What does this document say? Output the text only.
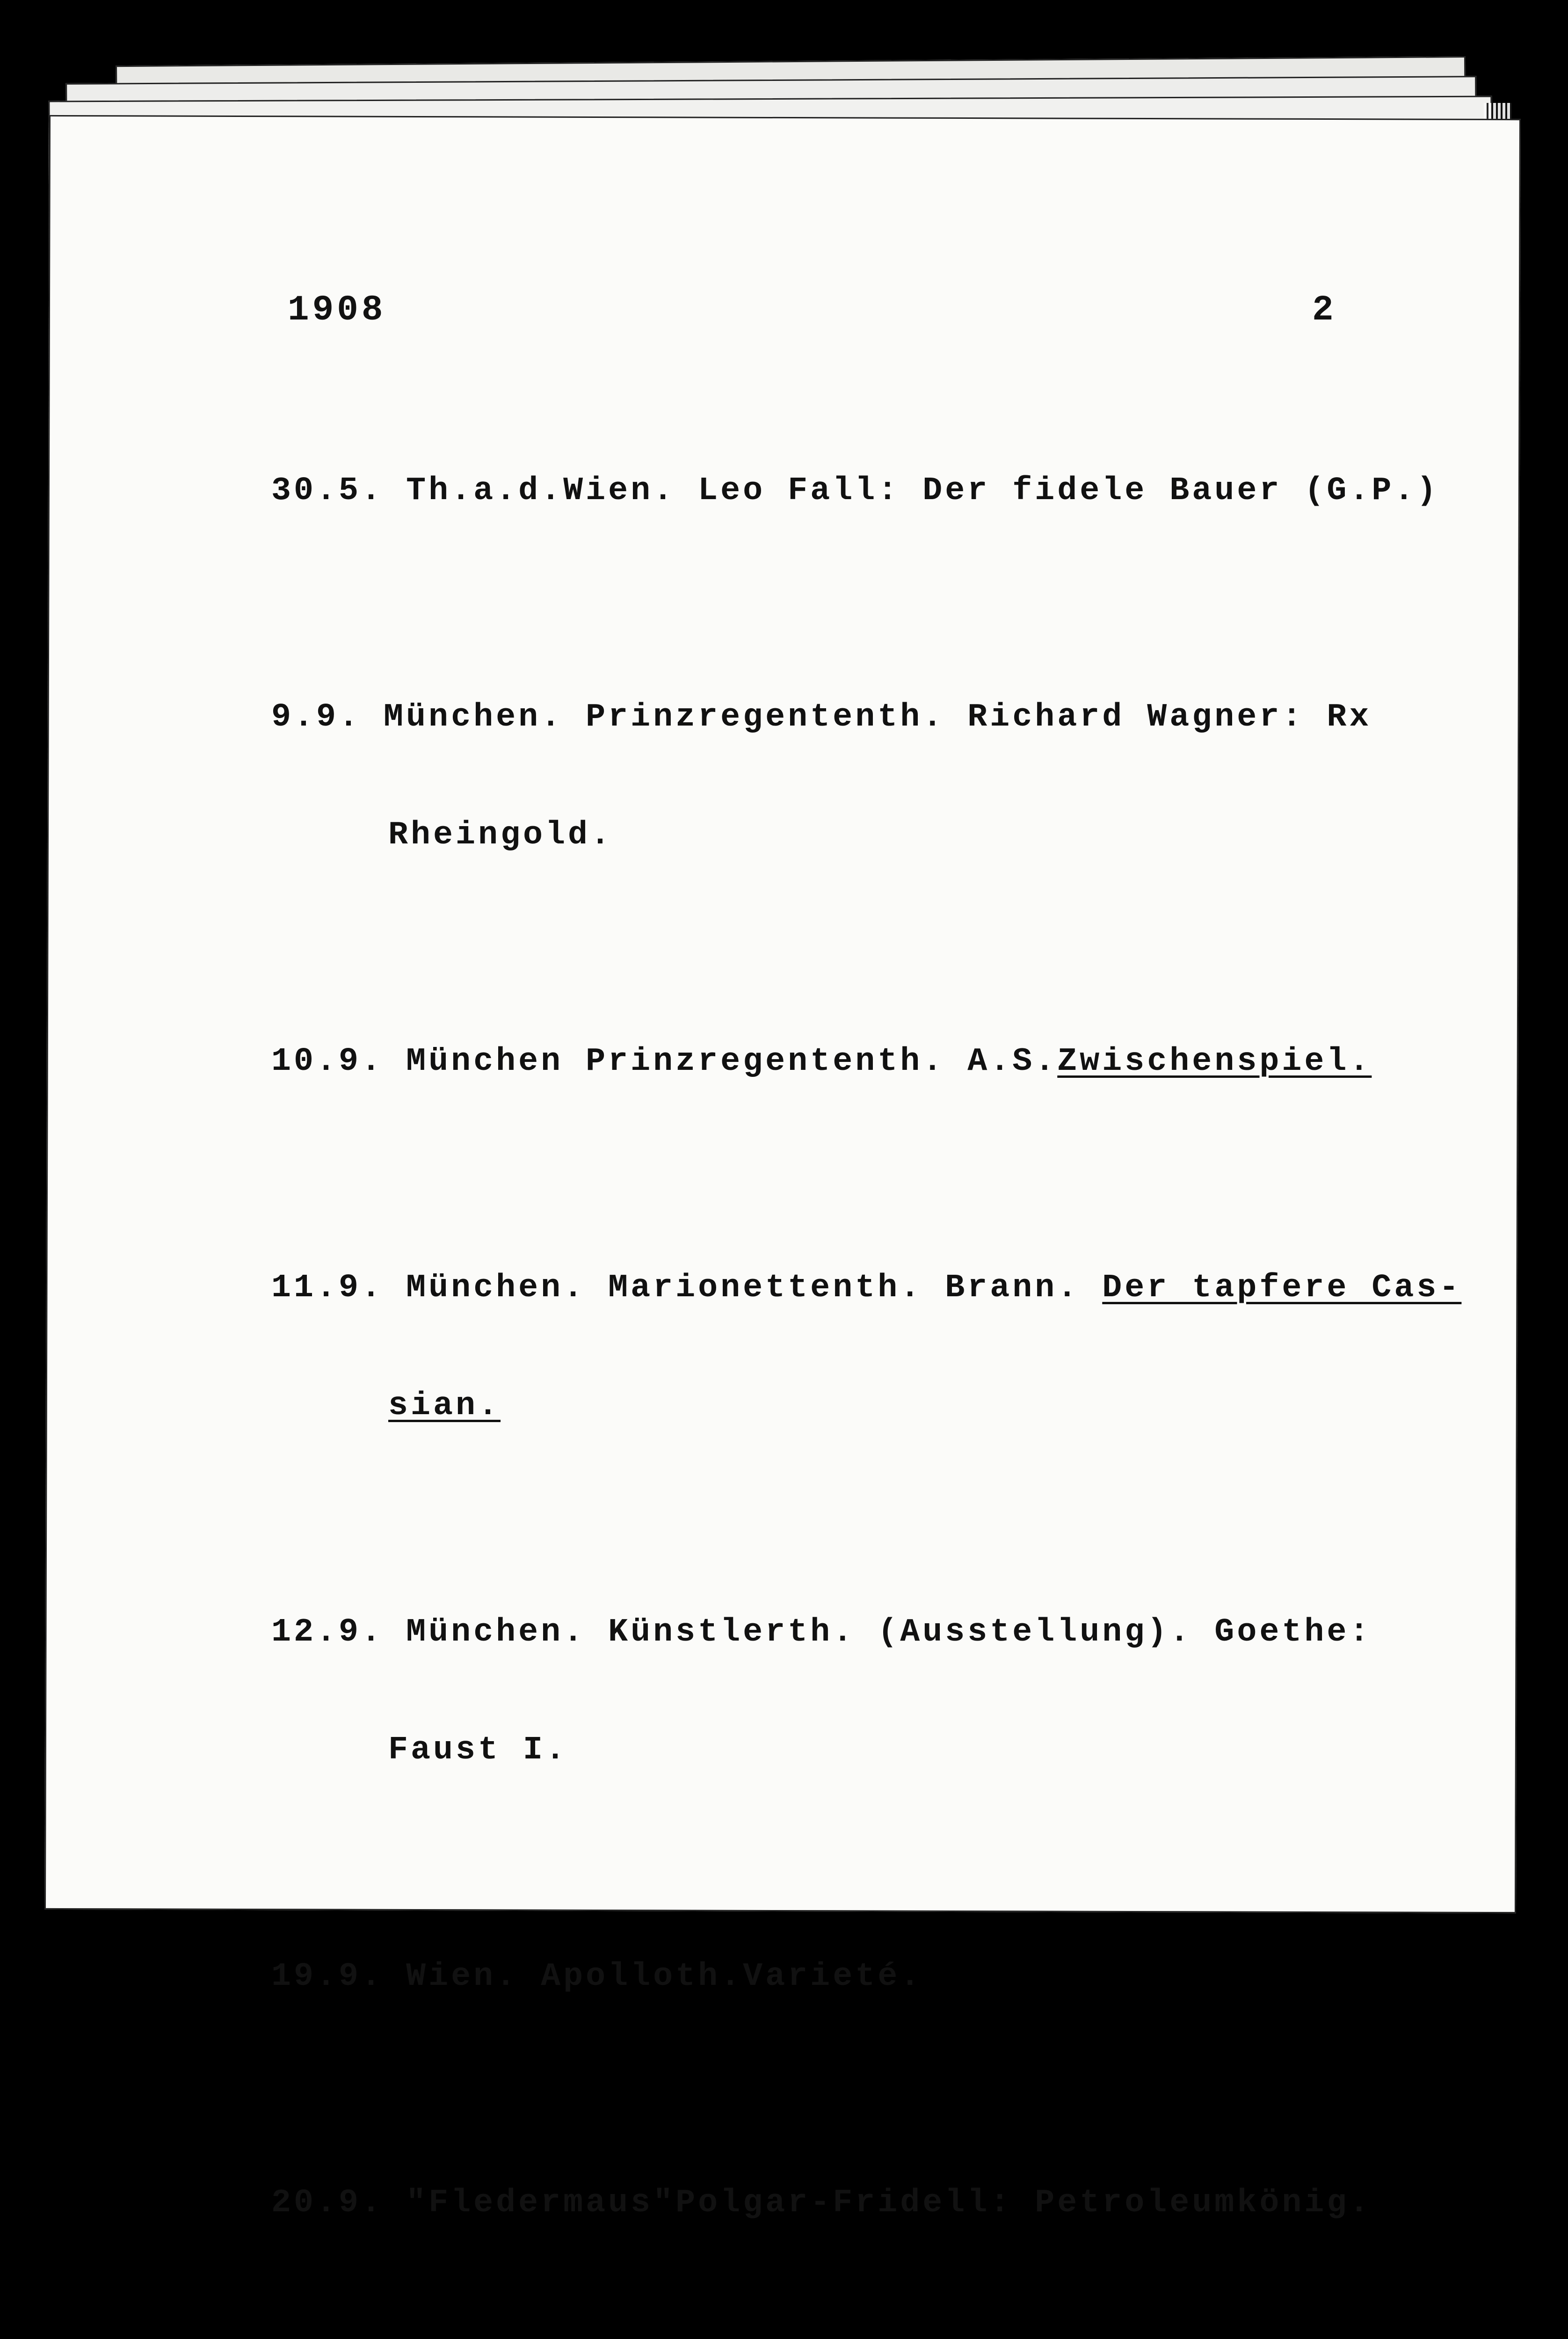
1908	2

30.5. Th.a.d.Wien. Leo Fall: Der fidele Bauer (G.P.)

9.9. München. Prinzregententh. Richard Wagner: Rx

Rheingold.

10.9. München Prinzregententh. A.S.Zwischenspiel.

11.9. München. Marionettenth. Brann. Der tapfere Cas-

sian.

12.9. München. Künstlerth. (Ausstellung). Goethe:

Faust I.

19.9. Wien. Apolloth.Varieté.

20.9. "Fledermaus"Polgar-Fridell: Petroleumkönig.
